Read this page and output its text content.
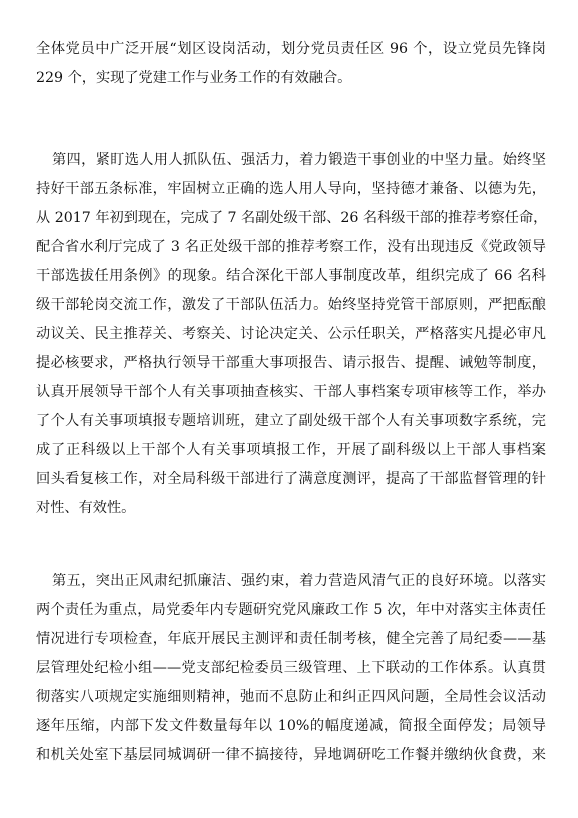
全体党员中广泛开展“划区设岗活动，划分党员责任区 96 个，设立党员先锋岗
229 个，实现了党建工作与业务工作的有效融合。
第四，紧盯选人用人抓队伍、强活力，着力锻造干事创业的中坚力量。始终坚
持好干部五条标准，牢固树立正确的选人用人导向，坚持德才兼备、以德为先，
从 2017 年初到现在，完成了 7 名副处级干部、26 名科级干部的推荐考察任命，
配合省水利厅完成了 3 名正处级干部的推荐考察工作，没有出现违反《党政领导
干部选拔任用条例》的现象。结合深化干部人事制度改革，组织完成了 66 名科
级干部轮岗交流工作，激发了干部队伍活力。始终坚持党管干部原则，严把酝酿
动议关、民主推荐关、考察关、讨论决定关、公示任职关，严格落实凡提必审凡
提必核要求，严格执行领导干部重大事项报告、请示报告、提醒、诫勉等制度，
认真开展领导干部个人有关事项抽查核实、干部人事档案专项审核等工作，举办
了个人有关事项填报专题培训班，建立了副处级干部个人有关事项数字系统，完
成了正科级以上干部个人有关事项填报工作，开展了副科级以上干部人事档案
回头看复核工作，对全局科级干部进行了满意度测评，提高了干部监督管理的针
对性、有效性。
第五，突出正风肃纪抓廉洁、强约束，着力营造风清气正的良好环境。以落实
两个责任为重点，局党委年内专题研究党风廉政工作 5 次，年中对落实主体责任
情况进行专项检查，年底开展民主测评和责任制考核，健全完善了局纪委——基
层管理处纪检小组——党支部纪检委员三级管理、上下联动的工作体系。认真贯
彻落实八项规定实施细则精神，弛而不息防止和纠正四风问题，全局性会议活动
逐年压缩，内部下发文件数量每年以 10%的幅度递减，简报全面停发；局领导
和机关处室下基层同城调研一律不搞接待，异地调研吃工作餐并缴纳伙食费，来
